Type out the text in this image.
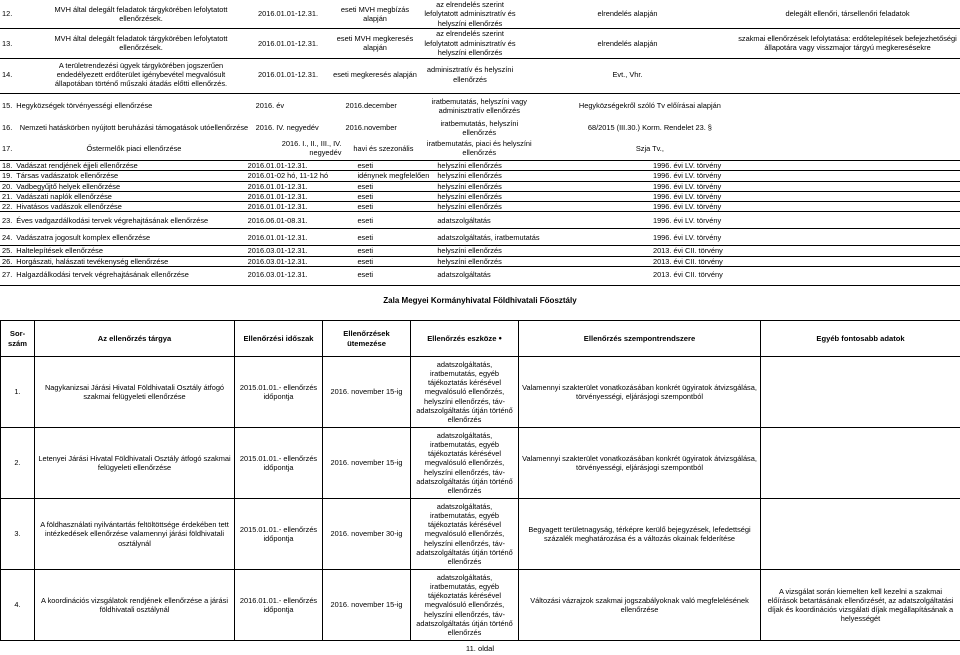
12.	MVH által delegált feladatok tárgykörében lefolytatott ellenőrzések.	2016.01.01-12.31.	eseti MVH megbízás alapján	az elrendelés szerint lefolytatott adminisztratív és helyszíni ellenőrzés	elrendelés alapján	delegált ellenőri, társellenőri feladatok
13.	MVH által delegált feladatok tárgykörében lefolytatott ellenőrzések.	2016.01.01-12.31.	eseti MVH megkeresés alapján	az elrendelés szerint lefolytatott adminisztratív és helyszíni ellenőrzés	elrendelés alapján	szakmai ellenőrzések lefolytatása: erdőtelepítések befejezhetőségi állapotára vagy visszmajor tárgyú megkeresésekre
14.	A területrendezési ügyek tárgykörében jogszerűen endedélyezett erdőterület igénybevétel megvalósult állapotában történő műszaki átadás előtti ellenőrzés.	2016.01.01-12.31.	eseti megkeresés alapján	adminisztratív és helyszíni ellenőrzés	Evt., Vhr.	
15.	Hegyközségek törvényességi ellenőrzése	2016. év	2016.december	iratbemutatás, helyszíni vagy adminisztratív ellenőrzés	Hegyközségekről szóló Tv előírásai alapján	
16.	Nemzeti hatáskörben nyújtott beruházási támogatások utóellenőrzése	2016. IV. negyedév	2016.november	iratbemutatás, helyszíni ellenőrzés	68/2015 (III.30.) Korm. Rendelet 23. §	
17.	Őstermelők piaci ellenőrzése	2016. I., II., III., IV. negyedév	havi és szezonális	iratbemutatás, piaci és helyszíni ellenőrzés	Szja Tv.,	
18.	Vadászat rendjének éjjeli ellenőrzése	2016.01.01-12.31.	eseti	helyszíni ellenőrzés	1996. évi LV. törvény
19.	Társas vadászatok ellenőrzése	2016.01-02 hó, 11-12 hó	idénynek megfelelően	helyszíni ellenőrzés	1996. évi LV. törvény
20.	Vadbegyűjtő helyek ellenőrzése	2016.01.01-12.31.	eseti	helyszíni ellenőrzés	1996. évi LV. törvény
21.	Vadászati naplók ellenőrzése	2016.01.01-12.31.	eseti	helyszíni ellenőrzés	1996. évi LV. törvény
22.	Hivatásos vadászok ellenőrzése	2016.01.01-12.31.	eseti	helyszíni ellenőrzés	1996. évi LV. törvény
23.	Éves vadgazdálkodási tervek végrehajtásának ellenőrzése	2016.06.01-08.31.	eseti	adatszolgáltatás	1996. évi LV. törvény
24.	Vadászatra jogosult komplex ellenőrzése	2016.01.01-12.31.	eseti	adatszolgáltatás, iratbemutatás	1996. évi LV. törvény
25.	Haltelepítések ellenőrzése	2016.03.01-12.31.	eseti	helyszíni ellenőrzés	2013. évi CII. törvény
26.	Horgászati, halászati tevékenység ellenőrzése	2016.03.01-12.31.	eseti	helyszíni ellenőrzés	2013. évi CII. törvény
27.	Halgazdálkodási tervek végrehajtásának ellenőrzése	2016.03.01-12.31.	eseti	adatszolgáltatás	2013. évi CII. törvény
Zala Megyei Kormányhivatal Földhivatali Főosztály
Sor-
szám	Az ellenőrzés tárgya	Ellenőrzési időszak	Ellenőrzések ütemezése	Ellenőrzés eszköze •	Ellenőrzés szempontrendszere	Egyéb fontosabb adatok
1.	Nagykanizsai Járási Hivatal Földhivatali Osztály átfogó szakmai felügyeleti ellenőrzése	2015.01.01.- ellenőrzés időpontja	2016. november 15-ig	adatszolgáltatás, iratbemutatás, egyéb tájékoztatás kérésével megvalósuló ellenőrzés, helyszíni ellenőrzés, táv-adatszolgáltatás útján történő ellenőrzés	Valamennyi szakterület vonatkozásában konkrét ügyiratok átvizsgálása, törvényességi, eljárásjogi szempontból	
2.	Letenyei Járási Hivatal Földhivatali Osztály átfogó szakmai felügyeleti ellenőrzése	2015.01.01.- ellenőrzés időpontja	2016. november 15-ig	adatszolgáltatás, iratbemutatás, egyéb tájékoztatás kérésével megvalósuló ellenőrzés, helyszíni ellenőrzés, táv-adatszolgáltatás útján történő ellenőrzés	Valamennyi szakterület vonatkozásában konkrét ügyiratok átvizsgálása, törvényességi, eljárásjogi szempontból	
3.	A földhasználati nyilvántartás feltöltöttsége érdekében tett intézkedések ellenőrzése valamennyi járási földhivatali osztálynál	2015.01.01.- ellenőrzés időpontja	2016. november 30-ig	adatszolgáltatás, iratbemutatás, egyéb tájékoztatás kérésével megvalósuló ellenőrzés, helyszíni ellenőrzés, táv-adatszolgáltatás útján történő ellenőrzés	Begyagett területnagyság, térképre kerülő bejegyzések, lefedettségi százalék meghatározása és a változás okainak felderítése	
4.	A koordinációs vizsgálatok rendjének ellenőrzése a járási földhivatali osztálynál	2016.01.01.- ellenőrzés időpontja	2016. november 15-ig	adatszolgáltatás, iratbemutatás, egyéb tájékoztatás kérésével megvalósuló ellenőrzés, helyszíni ellenőrzés, táv-adatszolgáltatás útján történő ellenőrzés	Változási vázrajzok szakmai jogszabályoknak való megfelelésének ellenőrzése	A vizsgálat során kiemelten kell kezelni a szakmai előírások betartásának ellenőrzését, az adatszolgáltatási díjak és koordinációs vizsgálati díjak megállapításának a helyességét
11. oldal
